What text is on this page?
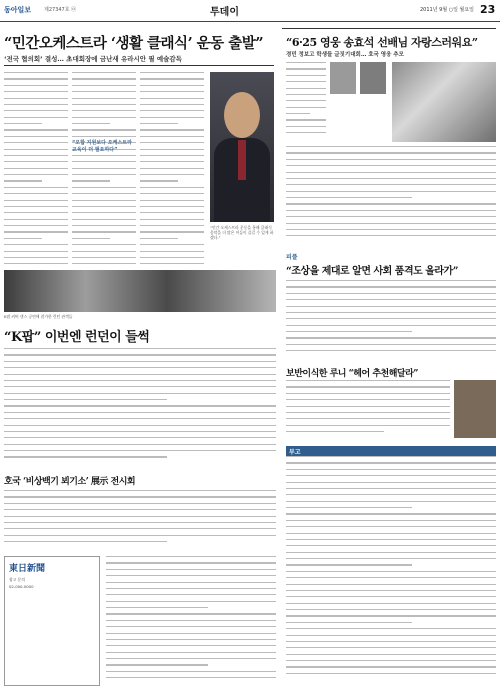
동아일보	제27347호 ㉧	투데이	2011년 9월 ○일 월요일 23
“민간오케스트라 ‘생활 클래식’ 운동 출발”
‘전국 협의회’ 결성… 초대회장에 금난새 유라시안 필 예술감독
“오합 지원보다 오케스트라 교육이 더 필요하다”
“민간 오케스트라 운동을 통해 클래식 음악을 더 많은 이들이 즐길 수 있게 하겠다.”
“6·25 영웅 송효석 선배님 자랑스러워요”
경민 정보고 학생들 글짓기대회… 호국 영웅 추모
K팝 커버 댄스 공연에 참가한 런던 관객들
“K팝” 이번엔 런던이 들썩
피플
“조상을 제대로 알면 사회 품격도 올라가”
보반이식한 루니 “헤어 추천해달라”
호국 ‘비상백기 뵈기소’ 展示 전시회
부고
東日新聞
광고 문의
02-000-0000
